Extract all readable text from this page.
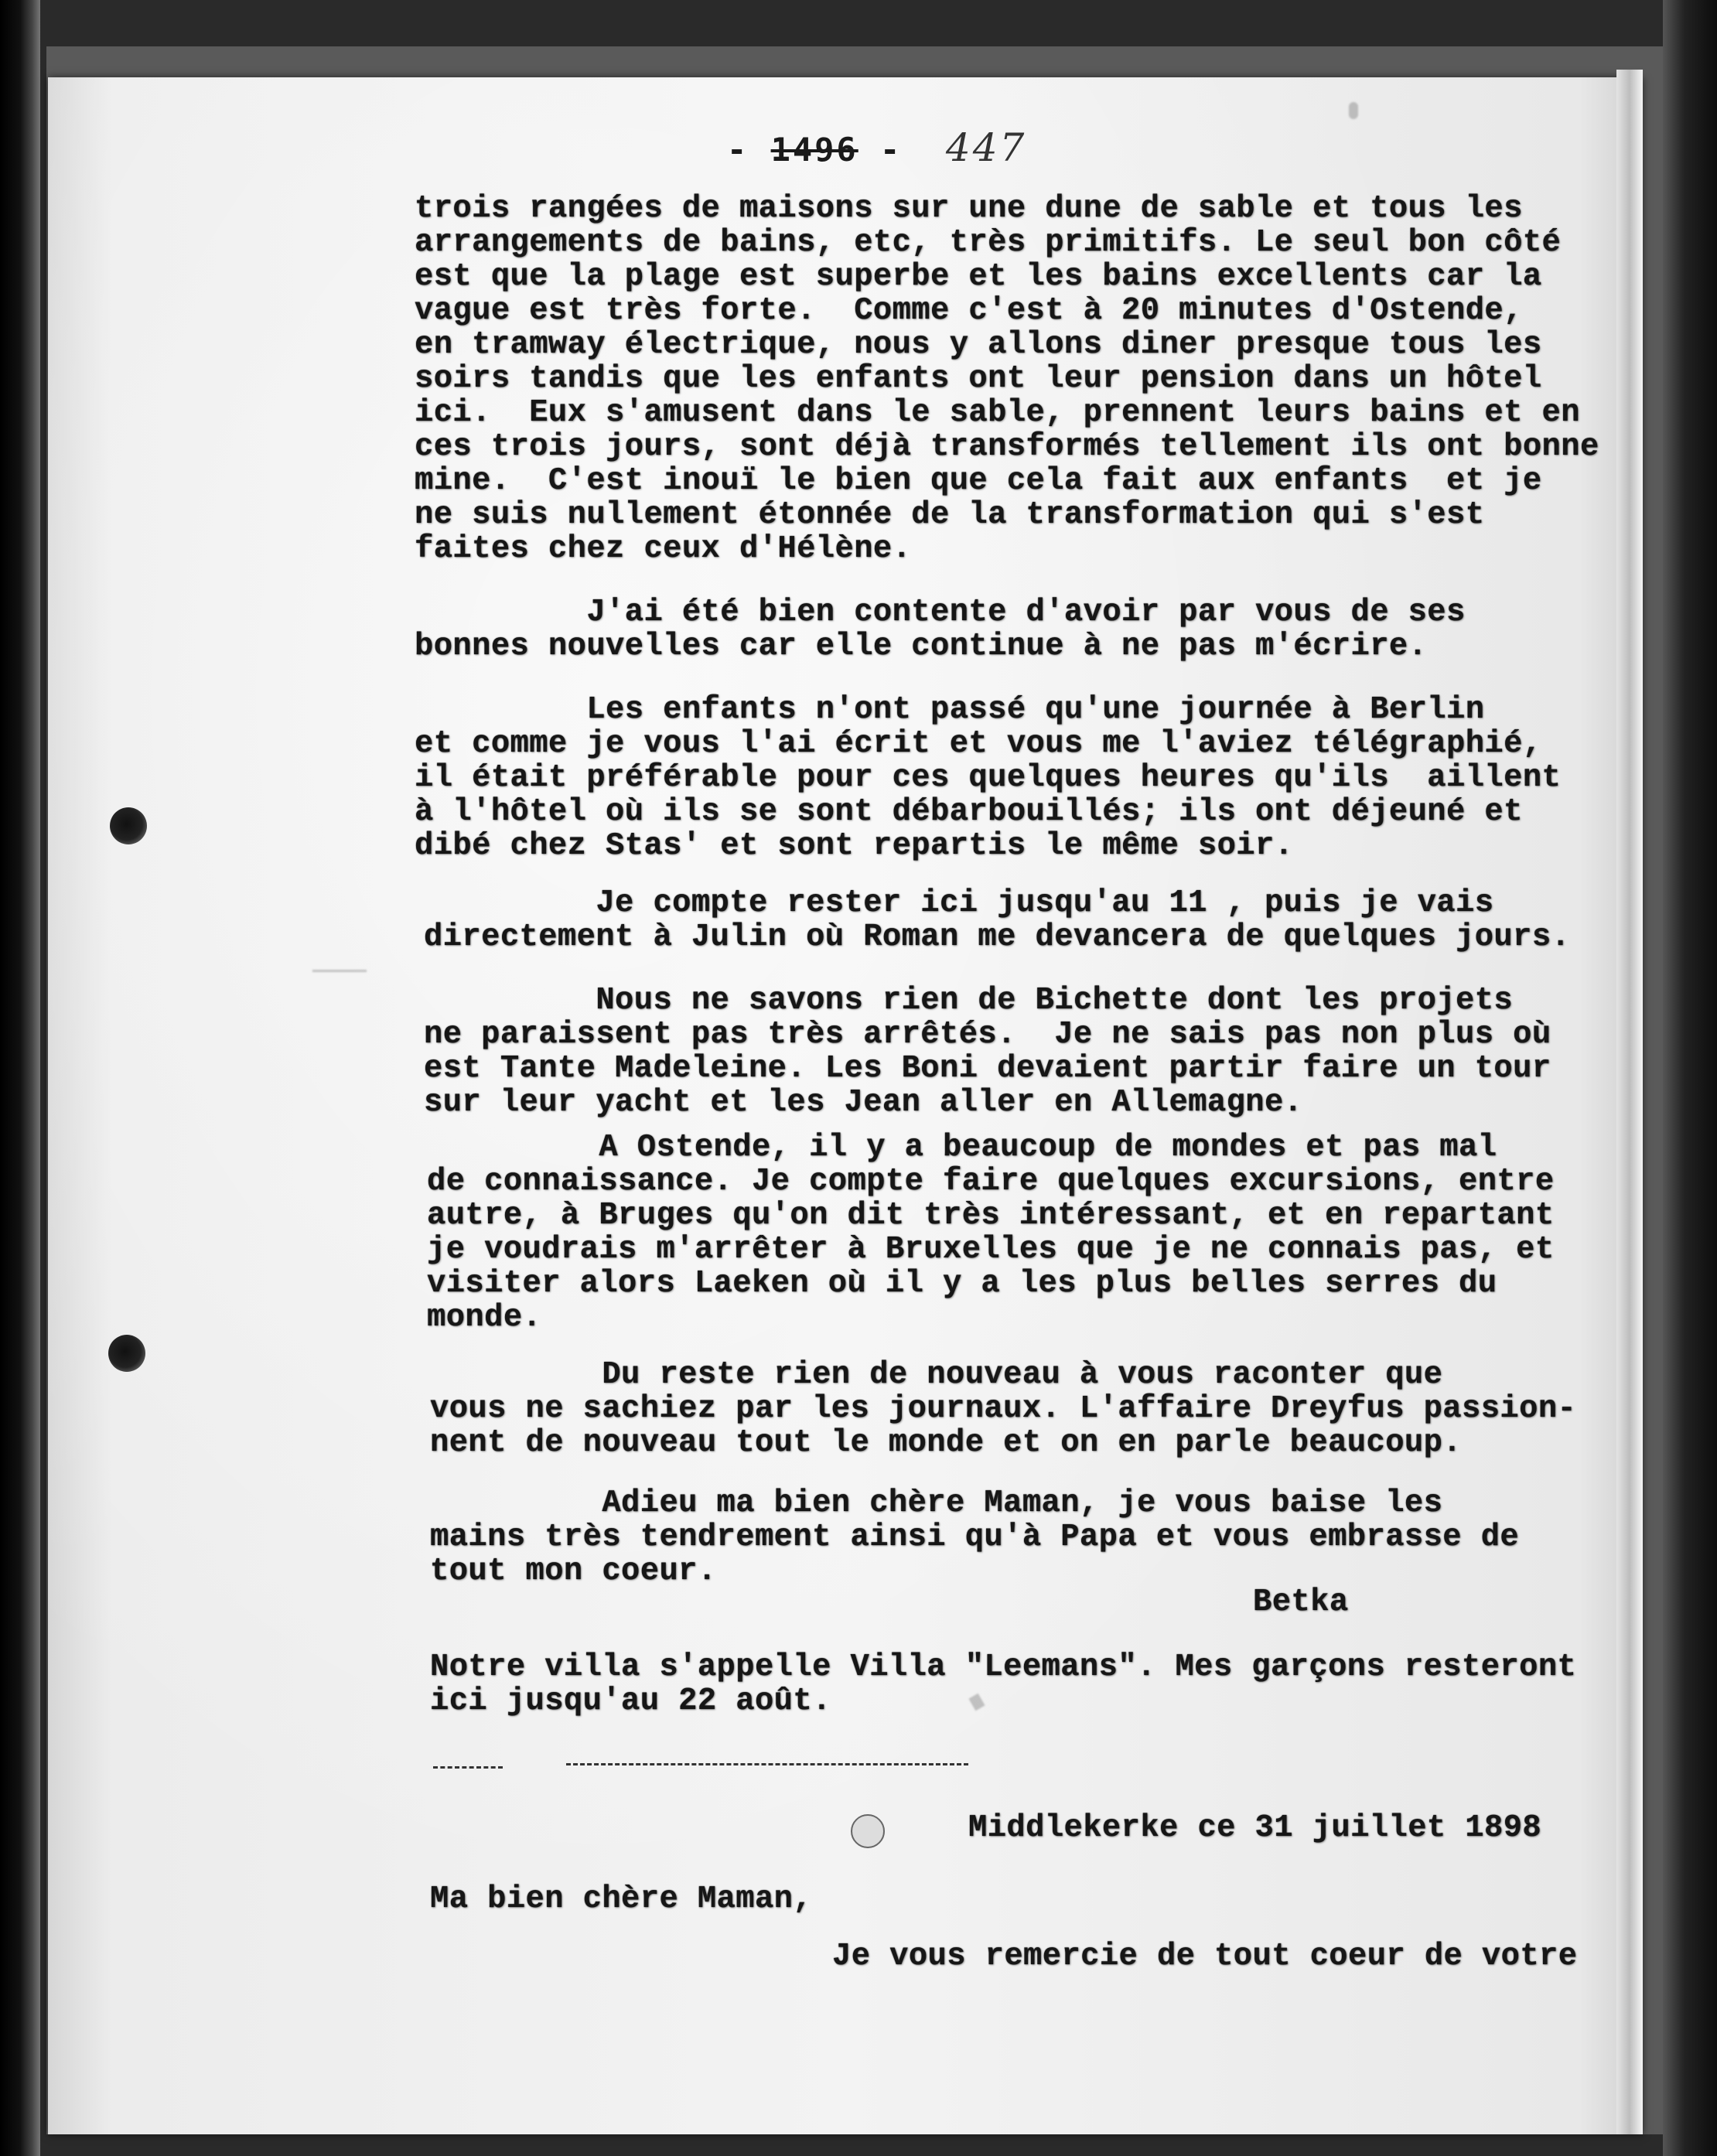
- 1496 -  447
trois rangées de maisons sur une dune de sable et tous les
arrangements de bains, etc, très primitifs. Le seul bon côté
est que la plage est superbe et les bains excellents car la
vague est très forte.  Comme c'est à 20 minutes d'Ostende,
en tramway électrique, nous y allons diner presque tous les
soirs tandis que les enfants ont leur pension dans un hôtel
ici.  Eux s'amusent dans le sable, prennent leurs bains et en
ces trois jours, sont déjà transformés tellement ils ont bonne
mine.  C'est inouï le bien que cela fait aux enfants  et je
ne suis nullement étonnée de la transformation qui s'est
faites chez ceux d'Hélène.
J'ai été bien contente d'avoir par vous de ses
bonnes nouvelles car elle continue à ne pas m'écrire.
Les enfants n'ont passé qu'une journée à Berlin
et comme je vous l'ai écrit et vous me l'aviez télégraphié,
il était préférable pour ces quelques heures qu'ils  aillent
à l'hôtel où ils se sont débarbouillés; ils ont déjeuné et
dibé chez Stas' et sont repartis le même soir.
Je compte rester ici jusqu'au 11 , puis je vais
directement à Julin où Roman me devancera de quelques jours.
Nous ne savons rien de Bichette dont les projets
ne paraissent pas très arrêtés.  Je ne sais pas non plus où
est Tante Madeleine. Les Boni devaient partir faire un tour
sur leur yacht et les Jean aller en Allemagne.
A Ostende, il y a beaucoup de mondes et pas mal
de connaissance. Je compte faire quelques excursions, entre
autre, à Bruges qu'on dit très intéressant, et en repartant
je voudrais m'arrêter à Bruxelles que je ne connais pas, et
visiter alors Laeken où il y a les plus belles serres du
monde.
Du reste rien de nouveau à vous raconter que
vous ne sachiez par les journaux. L'affaire Dreyfus passion-
nent de nouveau tout le monde et on en parle beaucoup.
Adieu ma bien chère Maman, je vous baise les
mains très tendrement ainsi qu'à Papa et vous embrasse de
tout mon coeur.
Betka
Notre villa s'appelle Villa "Leemans". Mes garçons resteront
ici jusqu'au 22 août.
Middlekerke ce 31 juillet 1898
Ma bien chère Maman,
Je vous remercie de tout coeur de votre
